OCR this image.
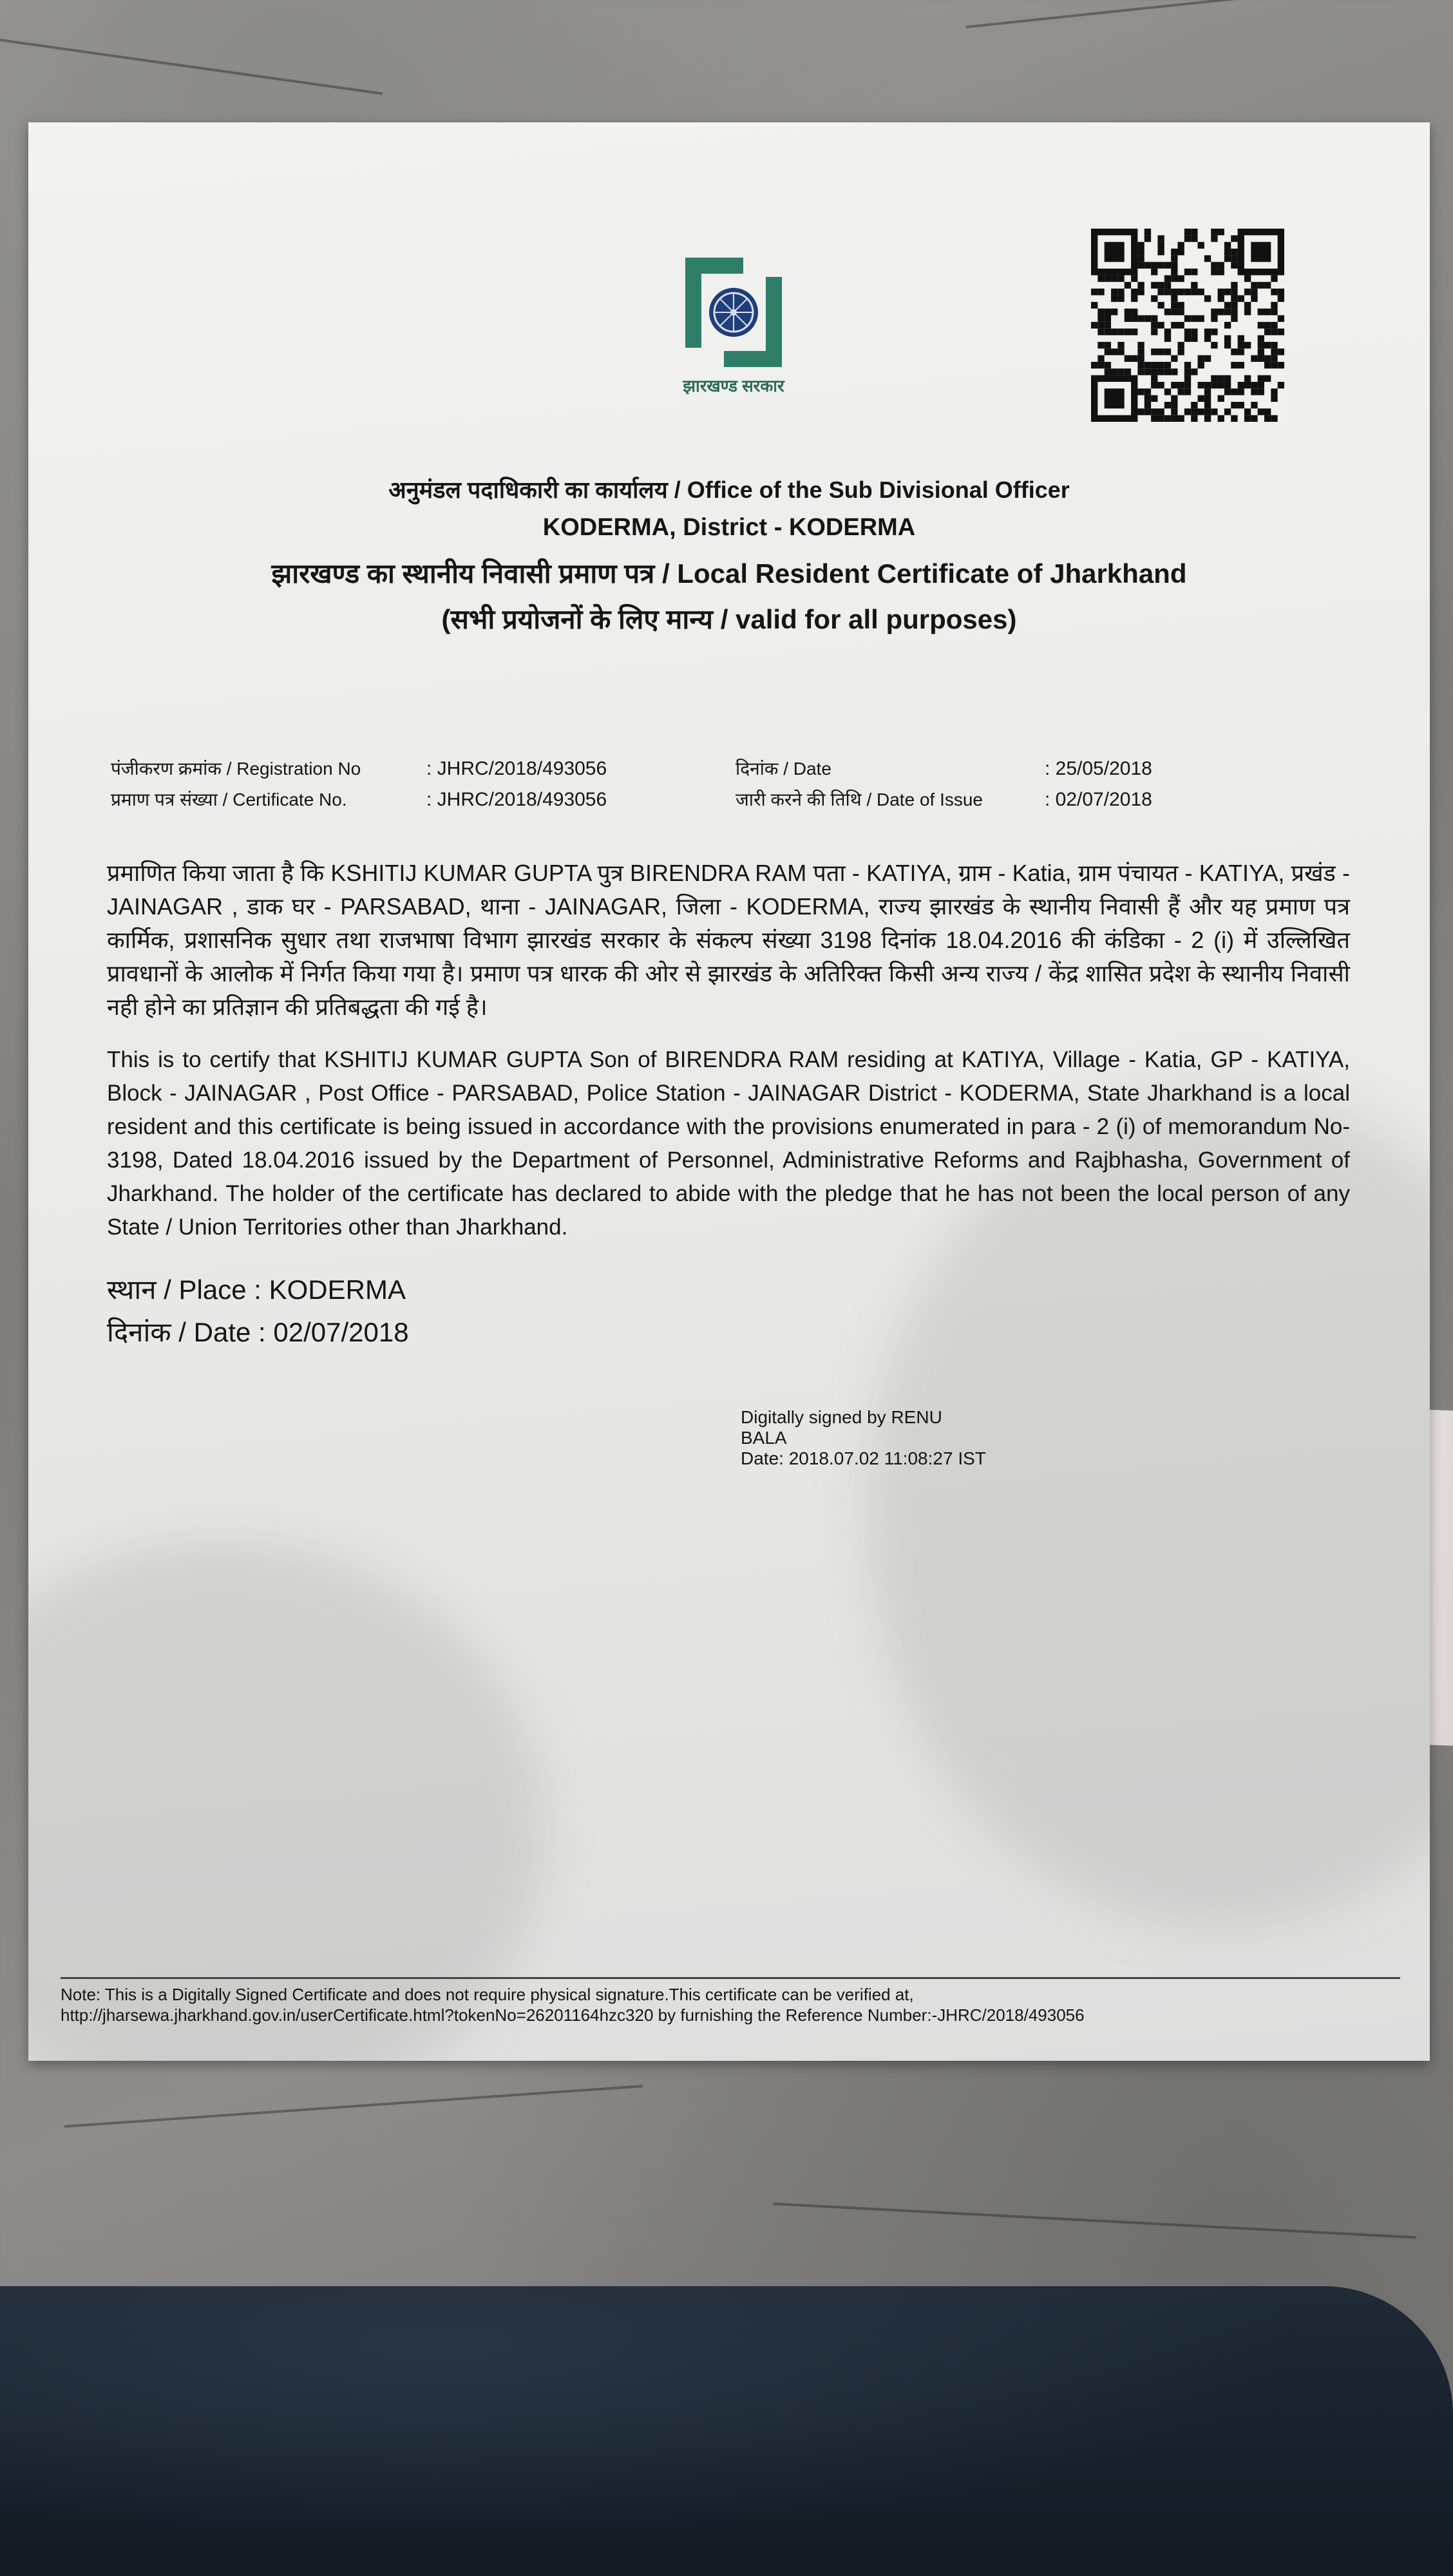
झारखण्ड सरकार
अनुमंडल पदाधिकारी का कार्यालय / Office of the Sub Divisional Officer
KODERMA, District - KODERMA
झारखण्ड का स्थानीय निवासी प्रमाण पत्र / Local Resident Certificate of Jharkhand
(सभी प्रयोजनों के लिए मान्य / valid for all purposes)
पंजीकरण क्रमांक / Registration No	: JHRC/2018/493056	दिनांक / Date	: 25/05/2018
प्रमाण पत्र संख्या / Certificate No.	: JHRC/2018/493056	जारी करने की तिथि / Date of Issue	: 02/07/2018
प्रमाणित किया जाता है कि KSHITIJ KUMAR GUPTA पुत्र BIRENDRA RAM पता - KATIYA, ग्राम - Katia, ग्राम पंचायत - KATIYA, प्रखंड - JAINAGAR , डाक घर - PARSABAD, थाना - JAINAGAR, जिला - KODERMA, राज्य झारखंड के स्थानीय निवासी हैं और यह प्रमाण पत्र कार्मिक, प्रशासनिक सुधार तथा राजभाषा विभाग झारखंड सरकार के संकल्प संख्या 3198 दिनांक 18.04.2016 की कंडिका - 2 (i) में उल्लिखित प्रावधानों के आलोक में निर्गत किया गया है। प्रमाण पत्र धारक की ओर से झारखंड के अतिरिक्त किसी अन्य राज्य / केंद्र शासित प्रदेश के स्थानीय निवासी नही होने का प्रतिज्ञान की प्रतिबद्धता की गई है।
This is to certify that KSHITIJ KUMAR GUPTA Son of BIRENDRA RAM residing at KATIYA, Village - Katia, GP - KATIYA, Block - JAINAGAR , Post Office - PARSABAD, Police Station - JAINAGAR District - KODERMA, State Jharkhand is a local resident and this certificate is being issued in accordance with the provisions enumerated in para - 2 (i) of memorandum No-3198, Dated 18.04.2016 issued by the Department of Personnel, Administrative Reforms and Rajbhasha, Government of Jharkhand. The holder of the certificate has declared to abide with the pledge that he has not been the local person of any State / Union Territories other than Jharkhand.
स्थान / Place : KODERMA
दिनांक / Date : 02/07/2018
Digitally signed by RENU
BALA
Date: 2018.07.02 11:08:27 IST
Note: This is a Digitally Signed Certificate and does not require physical signature.This certificate can be verified at,
http://jharsewa.jharkhand.gov.in/userCertificate.html?tokenNo=26201164hzc320 by furnishing the Reference Number:-JHRC/2018/493056
